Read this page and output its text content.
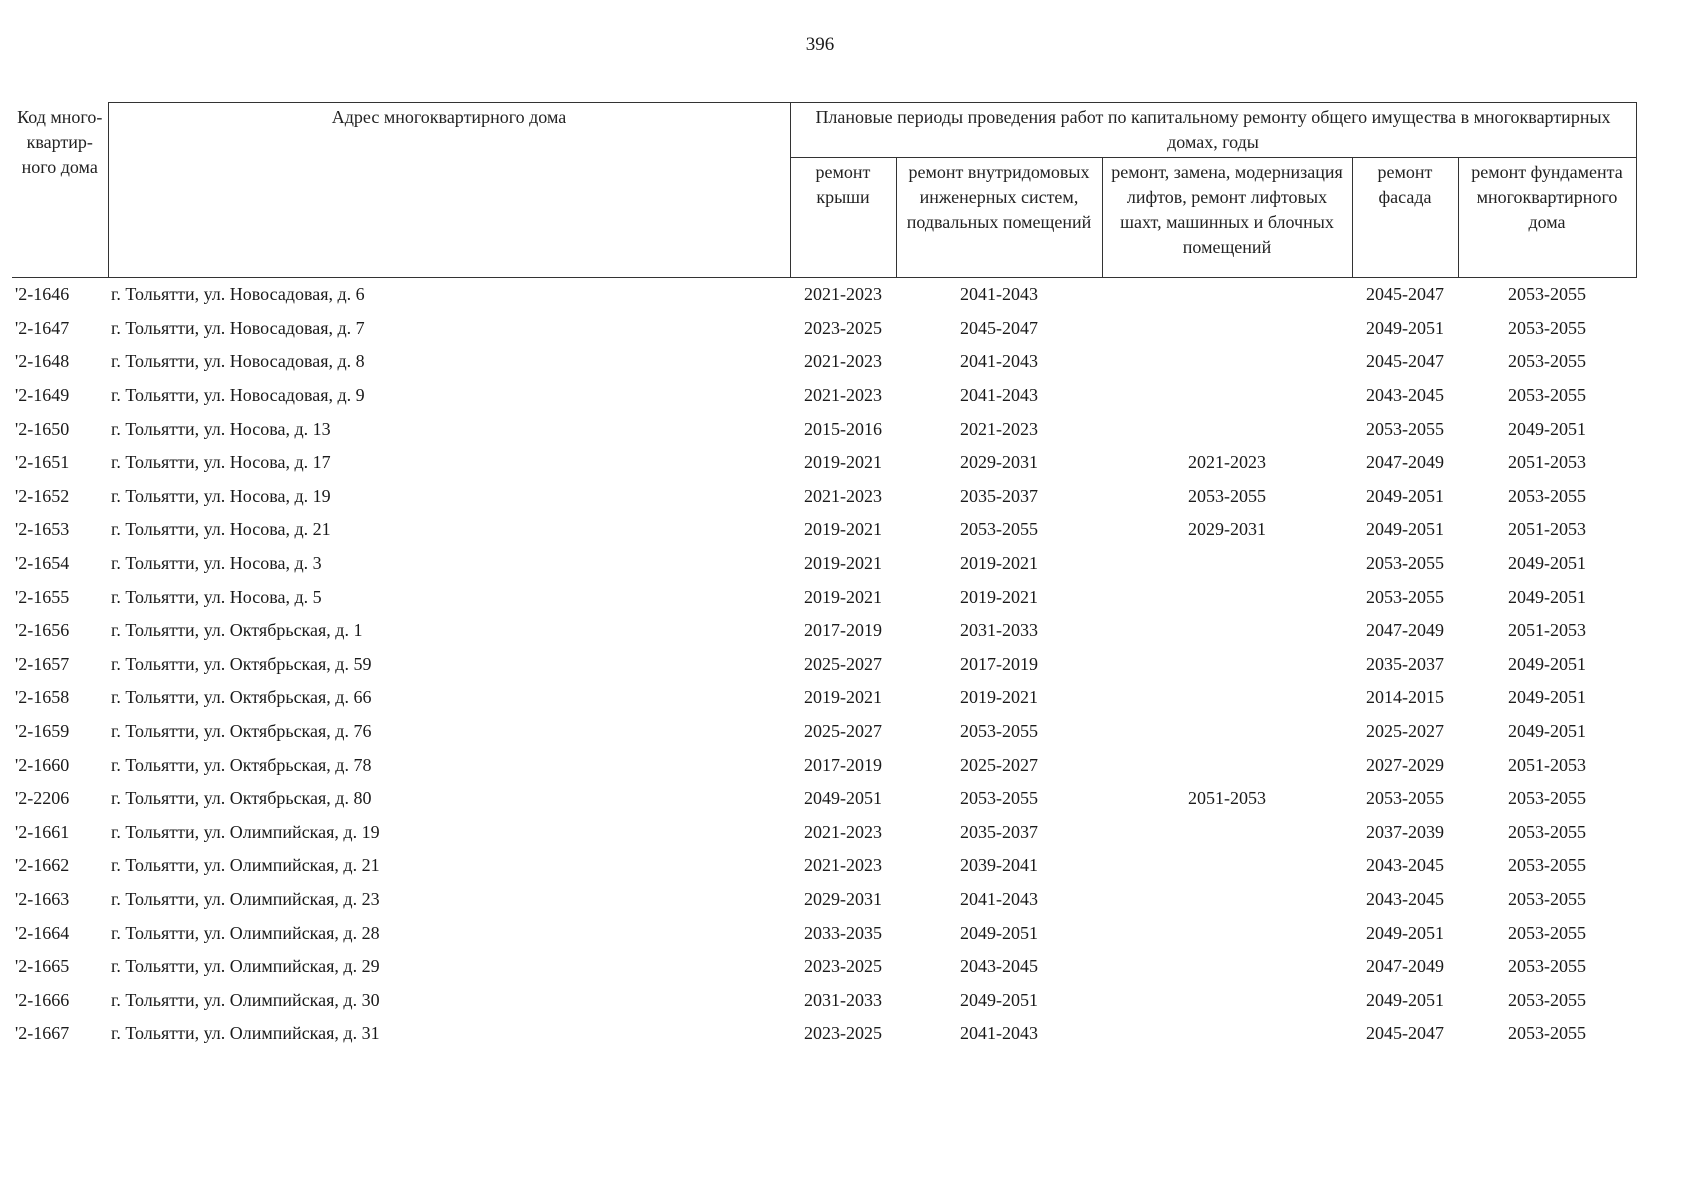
396
Код много-квартир-ного дома	Адрес многоквартирного дома	Плановые периоды проведения работ по капитальному ремонту общего имущества в многоквартирных домах, годы				
		ремонт крыши	ремонт внутридомовых инженерных систем, подвальных помещений	ремонт, замена, модернизация лифтов, ремонт лифтовых шахт, машинных и блочных помещений	ремонт фасада	ремонт фундамента многоквартирного дома
'2-1646	г. Тольятти, ул. Новосадовая, д. 6	2021-2023	2041-2043		2045-2047	2053-2055
'2-1647	г. Тольятти, ул. Новосадовая, д. 7	2023-2025	2045-2047		2049-2051	2053-2055
'2-1648	г. Тольятти, ул. Новосадовая, д. 8	2021-2023	2041-2043		2045-2047	2053-2055
'2-1649	г. Тольятти, ул. Новосадовая, д. 9	2021-2023	2041-2043		2043-2045	2053-2055
'2-1650	г. Тольятти, ул. Носова, д. 13	2015-2016	2021-2023		2053-2055	2049-2051
'2-1651	г. Тольятти, ул. Носова, д. 17	2019-2021	2029-2031	2021-2023	2047-2049	2051-2053
'2-1652	г. Тольятти, ул. Носова, д. 19	2021-2023	2035-2037	2053-2055	2049-2051	2053-2055
'2-1653	г. Тольятти, ул. Носова, д. 21	2019-2021	2053-2055	2029-2031	2049-2051	2051-2053
'2-1654	г. Тольятти, ул. Носова, д. 3	2019-2021	2019-2021		2053-2055	2049-2051
'2-1655	г. Тольятти, ул. Носова, д. 5	2019-2021	2019-2021		2053-2055	2049-2051
'2-1656	г. Тольятти, ул. Октябрьская, д. 1	2017-2019	2031-2033		2047-2049	2051-2053
'2-1657	г. Тольятти, ул. Октябрьская, д. 59	2025-2027	2017-2019		2035-2037	2049-2051
'2-1658	г. Тольятти, ул. Октябрьская, д. 66	2019-2021	2019-2021		2014-2015	2049-2051
'2-1659	г. Тольятти, ул. Октябрьская, д. 76	2025-2027	2053-2055		2025-2027	2049-2051
'2-1660	г. Тольятти, ул. Октябрьская, д. 78	2017-2019	2025-2027		2027-2029	2051-2053
'2-2206	г. Тольятти, ул. Октябрьская, д. 80	2049-2051	2053-2055	2051-2053	2053-2055	2053-2055
'2-1661	г. Тольятти, ул. Олимпийская, д. 19	2021-2023	2035-2037		2037-2039	2053-2055
'2-1662	г. Тольятти, ул. Олимпийская, д. 21	2021-2023	2039-2041		2043-2045	2053-2055
'2-1663	г. Тольятти, ул. Олимпийская, д. 23	2029-2031	2041-2043		2043-2045	2053-2055
'2-1664	г. Тольятти, ул. Олимпийская, д. 28	2033-2035	2049-2051		2049-2051	2053-2055
'2-1665	г. Тольятти, ул. Олимпийская, д. 29	2023-2025	2043-2045		2047-2049	2053-2055
'2-1666	г. Тольятти, ул. Олимпийская, д. 30	2031-2033	2049-2051		2049-2051	2053-2055
'2-1667	г. Тольятти, ул. Олимпийская, д. 31	2023-2025	2041-2043		2045-2047	2053-2055
